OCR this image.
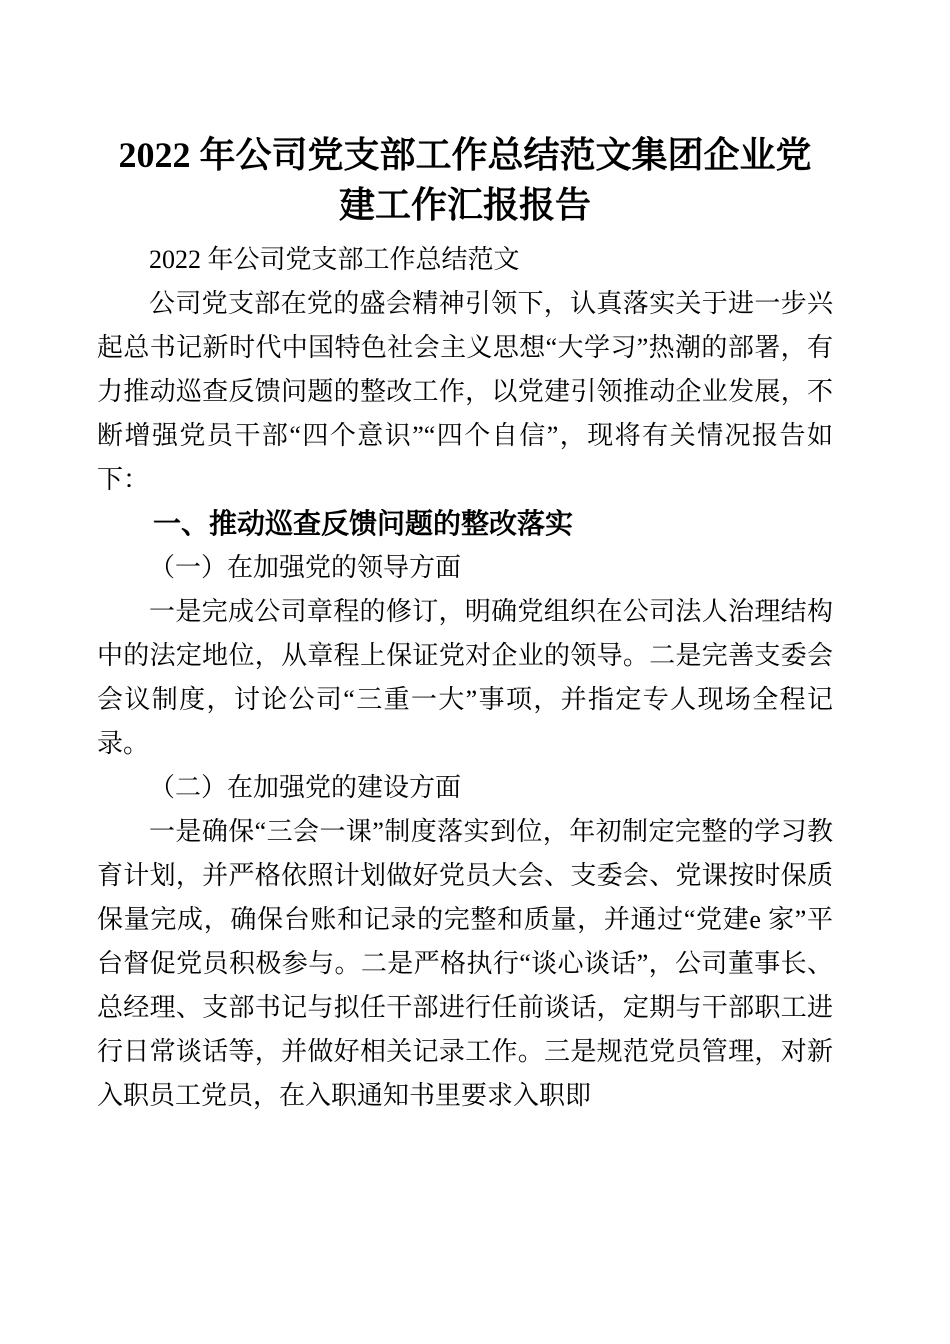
2022 年公司党支部工作总结范文集团企业党建工作汇报报告

2022 年公司党支部工作总结范文

公司党支部在党的盛会精神引领下，认真落实关于进一步兴起总书记新时代中国特色社会主义思想“大学习”热潮的部署，有力推动巡查反馈问题的整改工作，以党建引领推动企业发展，不断增强党员干部“四个意识”“四个自信”，现将有关情况报告如下：

一、推动巡查反馈问题的整改落实

（一）在加强党的领导方面

一是完成公司章程的修订，明确党组织在公司法人治理结构中的法定地位，从章程上保证党对企业的领导。二是完善支委会会议制度，讨论公司“三重一大”事项，并指定专人现场全程记录。

（二）在加强党的建设方面

一是确保“三会一课”制度落实到位，年初制定完整的学习教育计划，并严格依照计划做好党员大会、支委会、党课按时保质保量完成，确保台账和记录的完整和质量，并通过“党建e 家”平台督促党员积极参与。二是严格执行“谈心谈话”，公司董事长、总经理、支部书记与拟任干部进行任前谈话，定期与干部职工进行日常谈话等，并做好相关记录工作。三是规范党员管理，对新入职员工党员，在入职通知书里要求入职即
